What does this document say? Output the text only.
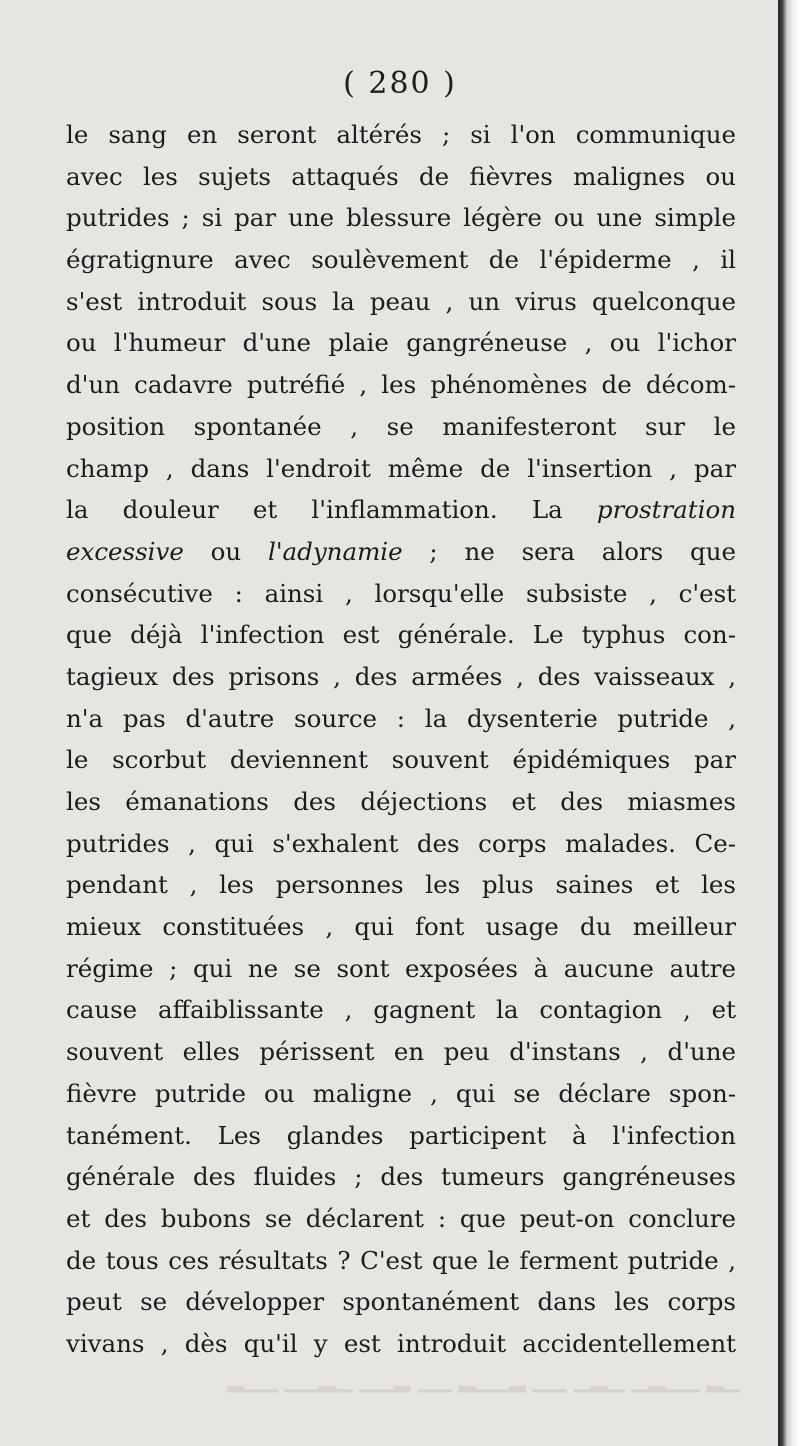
( 280 )
le sang en seront altérés ; si l'on communique
avec les sujets attaqués de fièvres malignes ou
putrides ; si par une blessure légère ou une simple
égratignure avec soulèvement de l'épiderme , il
s'est introduit sous la peau , un virus quelconque
ou l'humeur d'une plaie gangréneuse , ou l'ichor
d'un cadavre putréfié , les phénomènes de décom-
position spontanée , se manifesteront sur le
champ , dans l'endroit même de l'insertion , par
la douleur et l'inflammation. La prostration
excessive ou l'adynamie ; ne sera alors que
consécutive : ainsi , lorsqu'elle subsiste , c'est
que déjà l'infection est générale. Le typhus con-
tagieux des prisons , des armées , des vaisseaux ,
n'a pas d'autre source : la dysenterie putride ,
le scorbut deviennent souvent épidémiques par
les émanations des déjections et des miasmes
putrides , qui s'exhalent des corps malades. Ce-
pendant , les personnes les plus saines et les
mieux constituées , qui font usage du meilleur
régime ; qui ne se sont exposées à aucune autre
cause affaiblissante , gagnent la contagion , et
souvent elles périssent en peu d'instans , d'une
fièvre putride ou maligne , qui se déclare spon-
tanément. Les glandes participent à l'infection
générale des fluides ; des tumeurs gangréneuses
et des bubons se déclarent : que peut-on conclure
de tous ces résultats ? C'est que le ferment putride ,
peut se développer spontanément dans les corps
vivans , dès qu'il y est introduit accidentellement
▁▂ ▁▁▂▁ ▁▂▁ ▁▁ ▂▁▁▂ ▁▁ ▂▁▁ ▁▂▁▁ ▁▁▂
